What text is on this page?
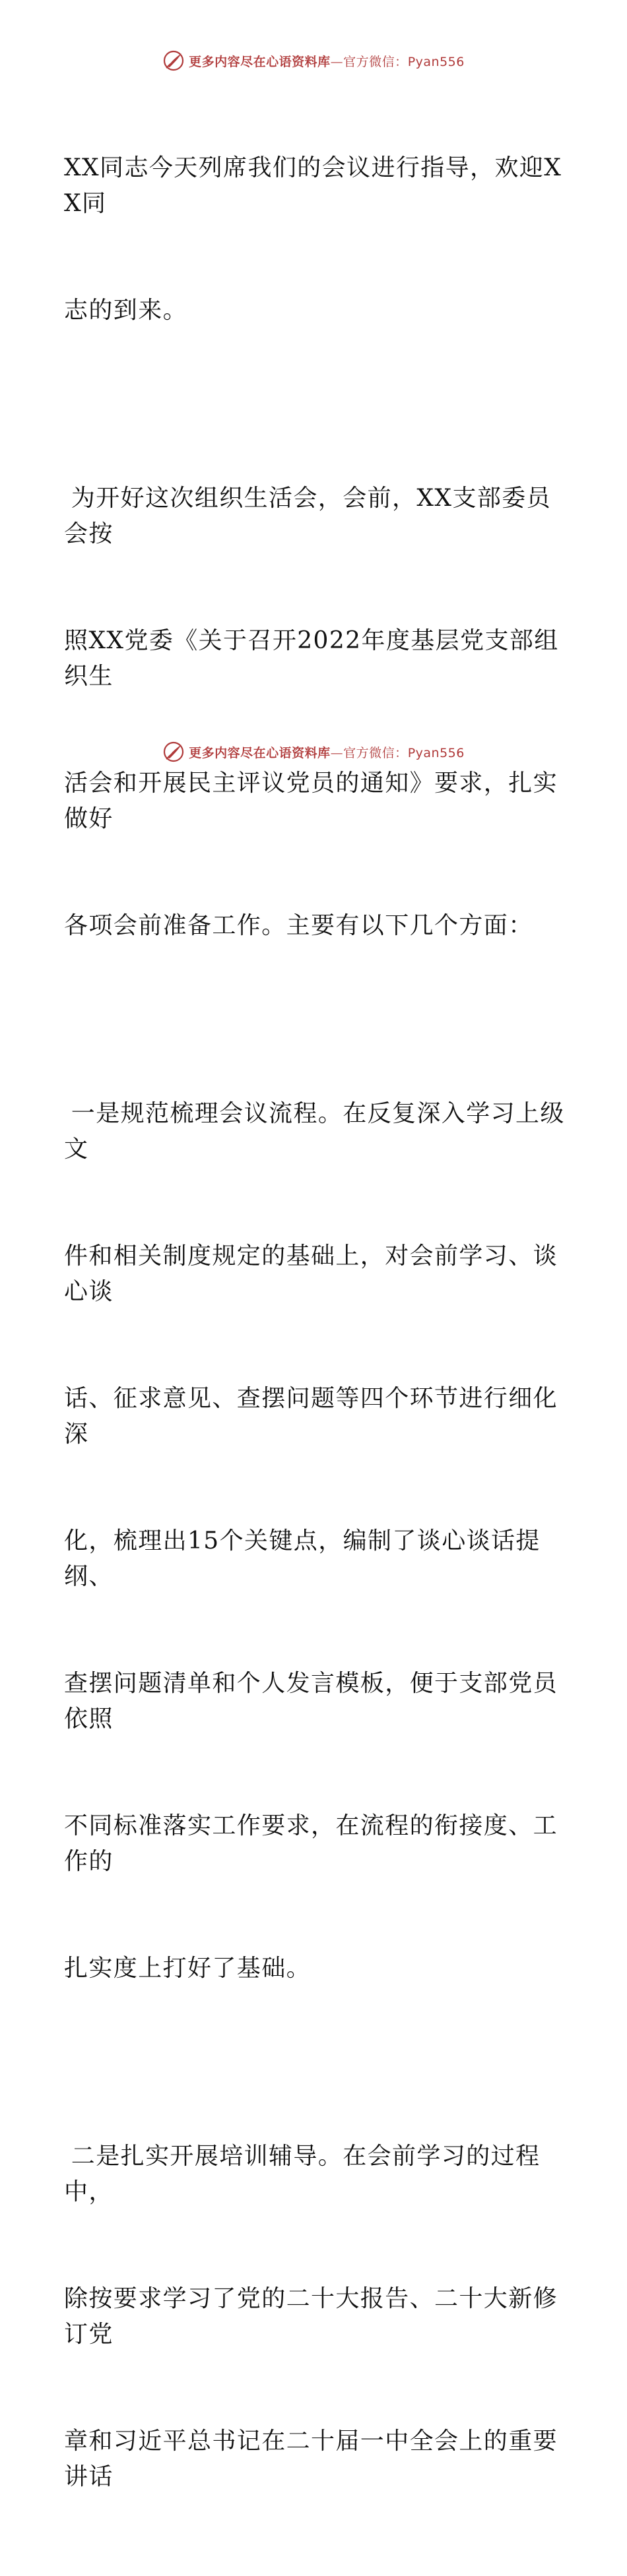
更多内容尽在心语资料库—官方微信：Pyan556

XX同志今天列席我们的会议进行指导，欢迎XX同

志的到来。

为开好这次组织生活会，会前，XX支部委员会按

照XX党委《关于召开2022年度基层党支部组织生

活会和开展民主评议党员的通知》要求，扎实做好

各项会前准备工作。主要有以下几个方面：

一是规范梳理会议流程。在反复深入学习上级文

件和相关制度规定的基础上，对会前学习、谈心谈

话、征求意见、查摆问题等四个环节进行细化深

化，梳理出15个关键点，编制了谈心谈话提纲、

查摆问题清单和个人发言模板，便于支部党员依照

不同标准落实工作要求，在流程的衔接度、工作的

扎实度上打好了基础。

二是扎实开展培训辅导。在会前学习的过程中，

除按要求学习了党的二十大报告、二十大新修订党

章和习近平总书记在二十届一中全会上的重要讲话

更多内容尽在心语资料库—官方微信：Pyan556
